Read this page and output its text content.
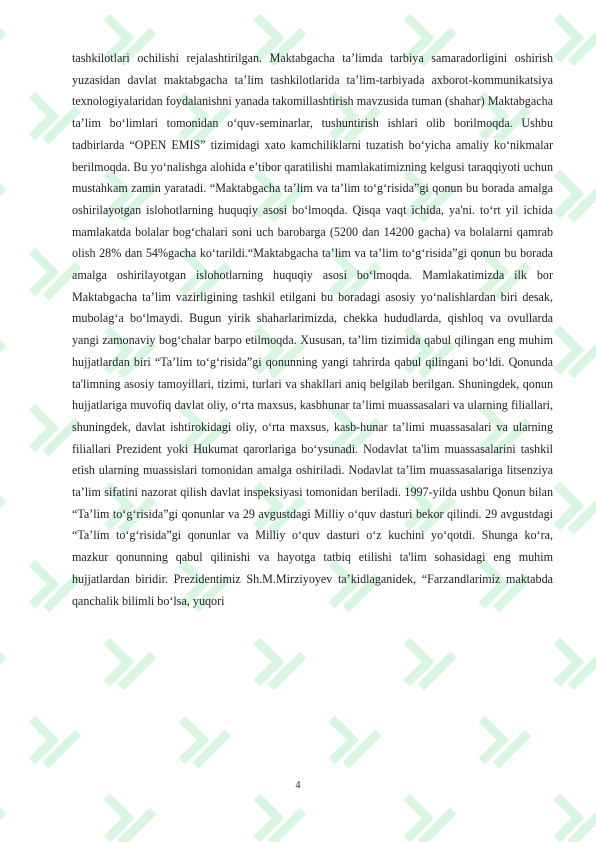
tashkilotlari ochilishi rejalashtirilgan. Maktabgacha ta’limda tarbiya samaradorligini oshirish yuzasidan davlat maktabgacha ta’lim tashkilotlarida ta’lim-tarbiyada axborot-kommunikatsiya texnologiyalaridan foydalanishni yanada takomillashtirish mavzusida tuman (shahar) Maktabgacha ta’lim bo‘limlari tomonidan o‘quv-seminarlar, tushuntirish ishlari olib borilmoqda. Ushbu tadbirlarda “OPEN EMIS” tizimidagi xato kamchiliklarni tuzatish bo‘yicha amaliy ko‘nikmalar berilmoqda. Bu yo‘nalishga alohida e’tibor qaratilishi mamlakatimizning kelgusi taraqqiyoti uchun mustahkam zamin yaratadi. “Maktabgacha ta’lim va ta’lim to‘g‘risida”gi qonun bu borada amalga oshirilayotgan islohotlarning huquqiy asosi bo‘lmoqda. Qisqa vaqt ichida, ya'ni. to‘rt yil ichida mamlakatda bolalar bog‘chalari soni uch barobarga (5200 dan 14200 gacha) va bolalarni qamrab olish 28% dan 54%gacha ko‘tarildi.“Maktabgacha ta’lim va ta’lim to‘g‘risida”gi qonun bu borada amalga oshirilayotgan islohotlarning huquqiy asosi bo‘lmoqda. Mamlakatimizda ilk bor Maktabgacha ta’lim vazirligining tashkil etilgani bu boradagi asosiy yo‘nalishlardan biri desak, mubolag‘a bo‘lmaydi. Bugun yirik shaharlarimizda, chekka hududlarda, qishloq va ovullarda yangi zamonaviy bog‘chalar barpo etilmoqda. Xususan, ta’lim tizimida qabul qilingan eng muhim hujjatlardan biri “Ta’lim to‘g‘risida”gi qonunning yangi tahrirda qabul qilingani bo‘ldi. Qonunda ta'limning asosiy tamoyillari, tizimi, turlari va shakllari aniq belgilab berilgan. Shuningdek, qonun hujjatlariga muvofiq davlat oliy, o‘rta maxsus, kasbhunar ta’limi muassasalari va ularning filiallari, shuningdek, davlat ishtirokidagi oliy, o‘rta maxsus, kasb-hunar ta’limi muassasalari va ularning filiallari Prezident yoki Hukumat qarorlariga bo‘ysunadi. Nodavlat ta'lim muassasalarini tashkil etish ularning muassislari tomonidan amalga oshiriladi. Nodavlat ta’lim muassasalariga litsenziya ta’lim sifatini nazorat qilish davlat inspeksiyasi tomonidan beriladi. 1997-yilda ushbu Qonun bilan “Ta’lim to‘g‘risida”gi qonunlar va 29 avgustdagi Milliy o‘quv dasturi bekor qilindi. 29 avgustdagi “Ta’lim to‘g‘risida”gi qonunlar va Milliy o‘quv dasturi o‘z kuchini yo‘qotdi. Shunga ko‘ra, mazkur qonunning qabul qilinishi va hayotga tatbiq etilishi ta'lim sohasidagi eng muhim hujjatlardan biridir. Prezidentimiz Sh.M.Mirziyoyev ta’kidlaganidek, “Farzandlarimiz maktabda qanchalik bilimli bo‘lsa, yuqori

4
